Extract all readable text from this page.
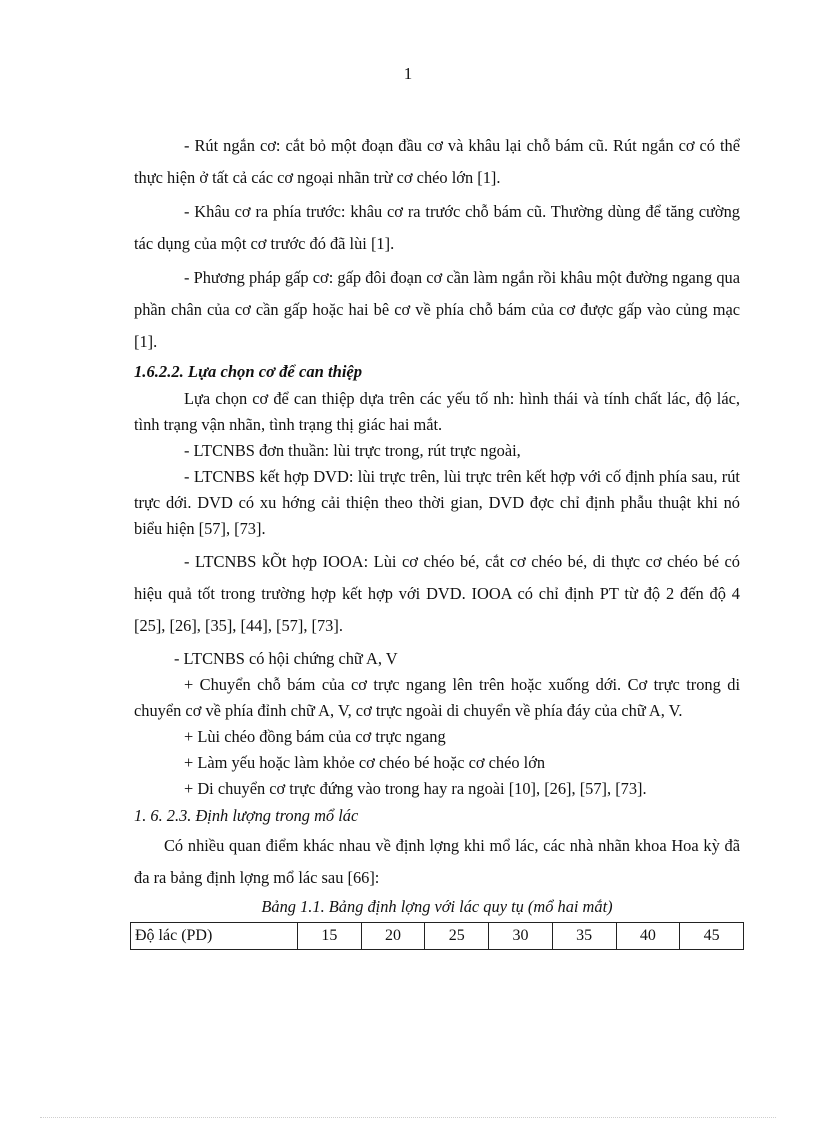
1

- Rút ngắn cơ: cắt bỏ một đoạn đầu cơ và khâu lại chỗ bám cũ. Rút ngắn cơ có thể thực hiện ở tất cả các cơ ngoại nhãn trừ cơ chéo lớn [1].

- Khâu cơ ra phía trước: khâu cơ ra trước chỗ bám cũ. Thường dùng để tăng cường tác dụng của một cơ trước đó đã lùi [1].

- Phương pháp gấp cơ: gấp đôi đoạn cơ cần làm ngắn rồi khâu một đường ngang qua phần chân của cơ cần gấp hoặc hai bê cơ về phía chỗ bám của cơ được gấp vào củng mạc [1].

1.6.2.2. Lựa chọn cơ để can thiệp

Lựa chọn cơ để can thiệp dựa trên các yếu tố nh: hình thái và tính chất lác, độ lác, tình trạng vận nhãn, tình trạng thị giác hai mắt.

- LTCNBS đơn thuần: lùi trực trong, rút trực ngoài,

- LTCNBS kết hợp DVD: lùi trực trên, lùi trực trên kết hợp với cố định phía sau, rút trực dới. DVD có xu hớng cải thiện theo thời gian, DVD đợc chỉ định phẫu thuật khi nó biểu hiện [57], [73].

- LTCNBS kÕt hợp IOOA: Lùi cơ chéo bé, cắt cơ chéo bé, di thực cơ chéo bé có hiệu quả tốt trong trường hợp kết hợp với DVD. IOOA có chỉ định PT từ độ 2 đến độ 4 [25], [26], [35], [44], [57], [73].

- LTCNBS có hội chứng chữ A, V

+ Chuyển chỗ bám của cơ trực ngang lên trên hoặc xuống dới. Cơ trực trong di chuyển cơ về phía đỉnh chữ A, V, cơ trực ngoài di chuyển về phía đáy của chữ A, V.

+ Lùi chéo đồng bám của cơ trực ngang

+ Làm yếu hoặc làm khỏe cơ chéo bé hoặc cơ chéo lớn

+ Di chuyển cơ trực đứng vào trong hay ra ngoài [10], [26], [57], [73].

1. 6. 2.3. Định lượng trong mổ lác

Có nhiều quan điểm khác nhau về định lợng khi mổ lác, các nhà nhãn khoa Hoa kỳ đã đa ra bảng định lợng mổ lác sau [66]:

Bảng 1.1. Bảng định lợng với lác quy tụ (mổ hai mắt)

Độ lác (PD)	15	20	25	30	35	40	45
